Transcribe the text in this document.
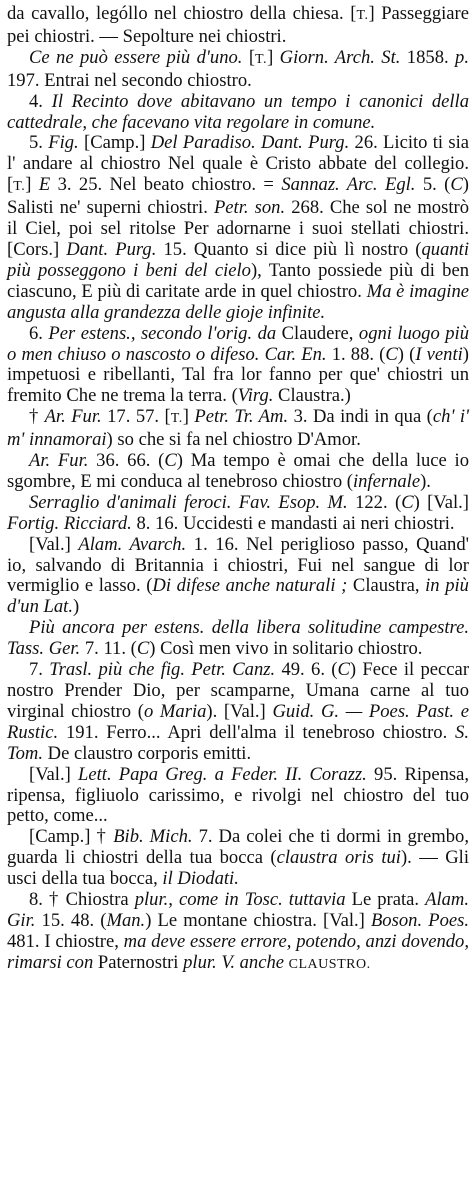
da cavallo, lególlo nel chiostro della chiesa. [T.] Passeggiare pei chiostri. — Sepolture nei chiostri.

Ce ne può essere più d'uno. [T.] Giorn. Arch. St. 1858. p. 197. Entrai nel secondo chiostro.

4. Il Recinto dove abitavano un tempo i canonici della cattedrale, che facevano vita regolare in comune.

5. Fig. [Camp.] Del Paradiso. Dant. Purg. 26. Licito ti sia l' andare al chiostro Nel quale è Cristo abbate del collegio. [T.] E 3. 25. Nel beato chiostro. = Sannaz. Arc. Egl. 5. (C) Salisti ne' superni chiostri. Petr. son. 268. Che sol ne mostrò il Ciel, poi sel ritolse Per adornarne i suoi stellati chiostri. [Cors.] Dant. Purg. 15. Quanto si dice più lì nostro (quanti più posseggono i beni del cielo), Tanto possiede più di ben ciascuno, E più di caritate arde in quel chiostro. Ma è imagine angusta alla grandezza delle gioje infinite.

6. Per estens., secondo l'orig. da Claudere, ogni luogo più o men chiuso o nascosto o difeso. Car. En. 1. 88. (C) (I venti) impetuosi e ribellanti, Tal fra lor fanno per que' chiostri un fremito Che ne trema la terra. (Virg. Claustra.)

† Ar. Fur. 17. 57. [T.] Petr. Tr. Am. 3. Da indi in qua (ch' i' m' innamorai) so che si fa nel chiostro D'Amor.

Ar. Fur. 36. 66. (C) Ma tempo è omai che della luce io sgombre, E mi conduca al tenebroso chiostro (infernale).

Serraglio d'animali feroci. Fav. Esop. M. 122. (C) [Val.] Fortig. Ricciard. 8. 16. Uccidesti e mandasti ai neri chiostri.

[Val.] Alam. Avarch. 1. 16. Nel periglioso passo, Quand' io, salvando di Britannia i chiostri, Fui nel sangue di lor vermiglio e lasso. (Di difese anche naturali ; Claustra, in più d'un Lat.)

Più ancora per estens. della libera solitudine campestre. Tass. Ger. 7. 11. (C) Così men vivo in solitario chiostro.

7. Trasl. più che fig. Petr. Canz. 49. 6. (C) Fece il peccar nostro Prender Dio, per scamparne, Umana carne al tuo virginal chiostro (o Maria). [Val.] Guid. G. — Poes. Past. e Rustic. 191. Ferro... Apri dell'alma il tenebroso chiostro. S. Tom. De claustro corporis emitti.

[Val.] Lett. Papa Greg. a Feder. II. Corazz. 95. Ripensa, ripensa, figliuolo carissimo, e rivolgi nel chiostro del tuo petto, come...

[Camp.] † Bib. Mich. 7. Da colei che ti dormi in grembo, guarda li chiostri della tua bocca (claustra oris tui). — Gli usci della tua bocca, il Diodati.

8. † Chiostra plur., come in Tosc. tuttavia Le prata. Alam. Gir. 15. 48. (Man.) Le montane chiostra. [Val.] Boson. Poes. 481. I chiostre, ma deve essere errore, potendo, anzi dovendo, rimarsi con Paternostri plur. V. anche CLAUSTRO.
